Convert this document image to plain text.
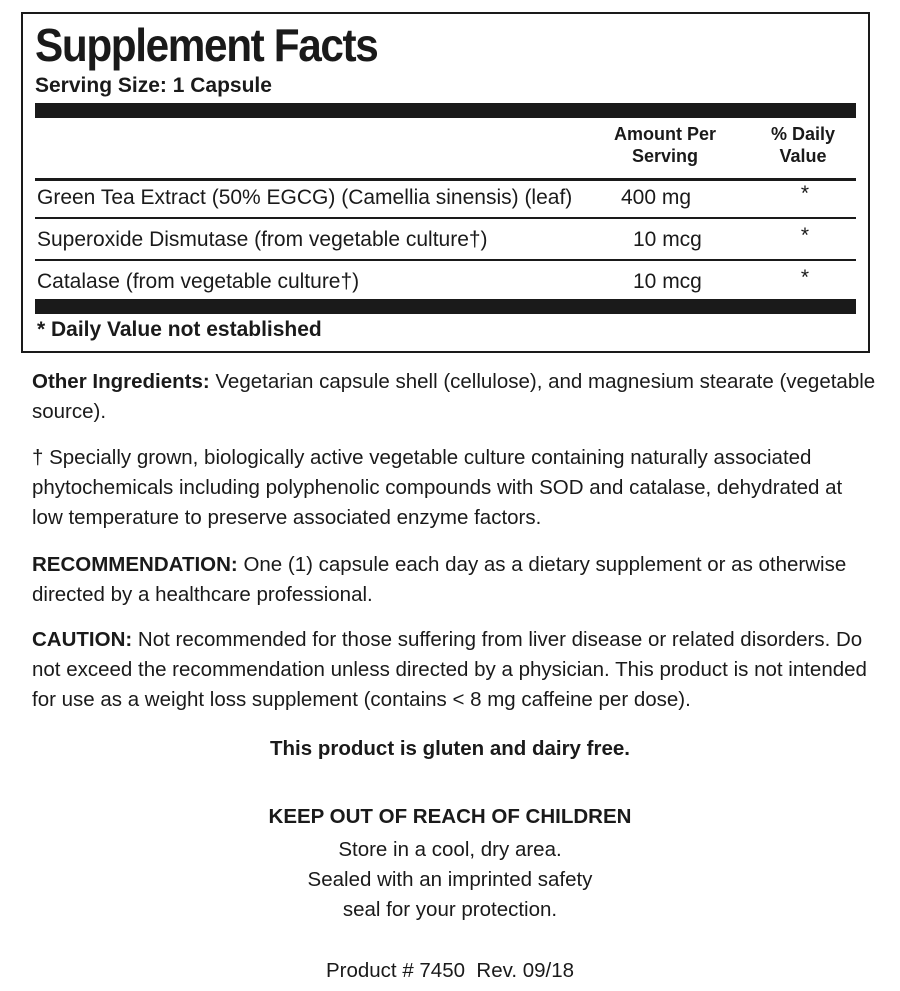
Supplement Facts
Serving Size: 1 Capsule
Amount Per
Serving
% Daily
Value
Green Tea Extract (50% EGCG) (Camellia sinensis) (leaf) 400 mg	*
Superoxide Dismutase (from vegetable culture†)	10 mcg	*
Catalase (from vegetable culture†)	10 mcg	*
* Daily Value not established

Other Ingredients: Vegetarian capsule shell (cellulose), and magnesium stearate (vegetable source).

† Specially grown, biologically active vegetable culture containing naturally associated phytochemicals including polyphenolic compounds with SOD and catalase, dehydrated at low temperature to preserve associated enzyme factors.

RECOMMENDATION: One (1) capsule each day as a dietary supplement or as otherwise directed by a healthcare professional.

CAUTION: Not recommended for those suffering from liver disease or related disorders. Do not exceed the recommendation unless directed by a physician. This product is not intended for use as a weight loss supplement (contains < 8 mg caffeine per dose).

This product is gluten and dairy free.
KEEP OUT OF REACH OF CHILDREN
Store in a cool, dry area.
Sealed with an imprinted safety
seal for your protection.
Product # 7450  Rev. 09/18
